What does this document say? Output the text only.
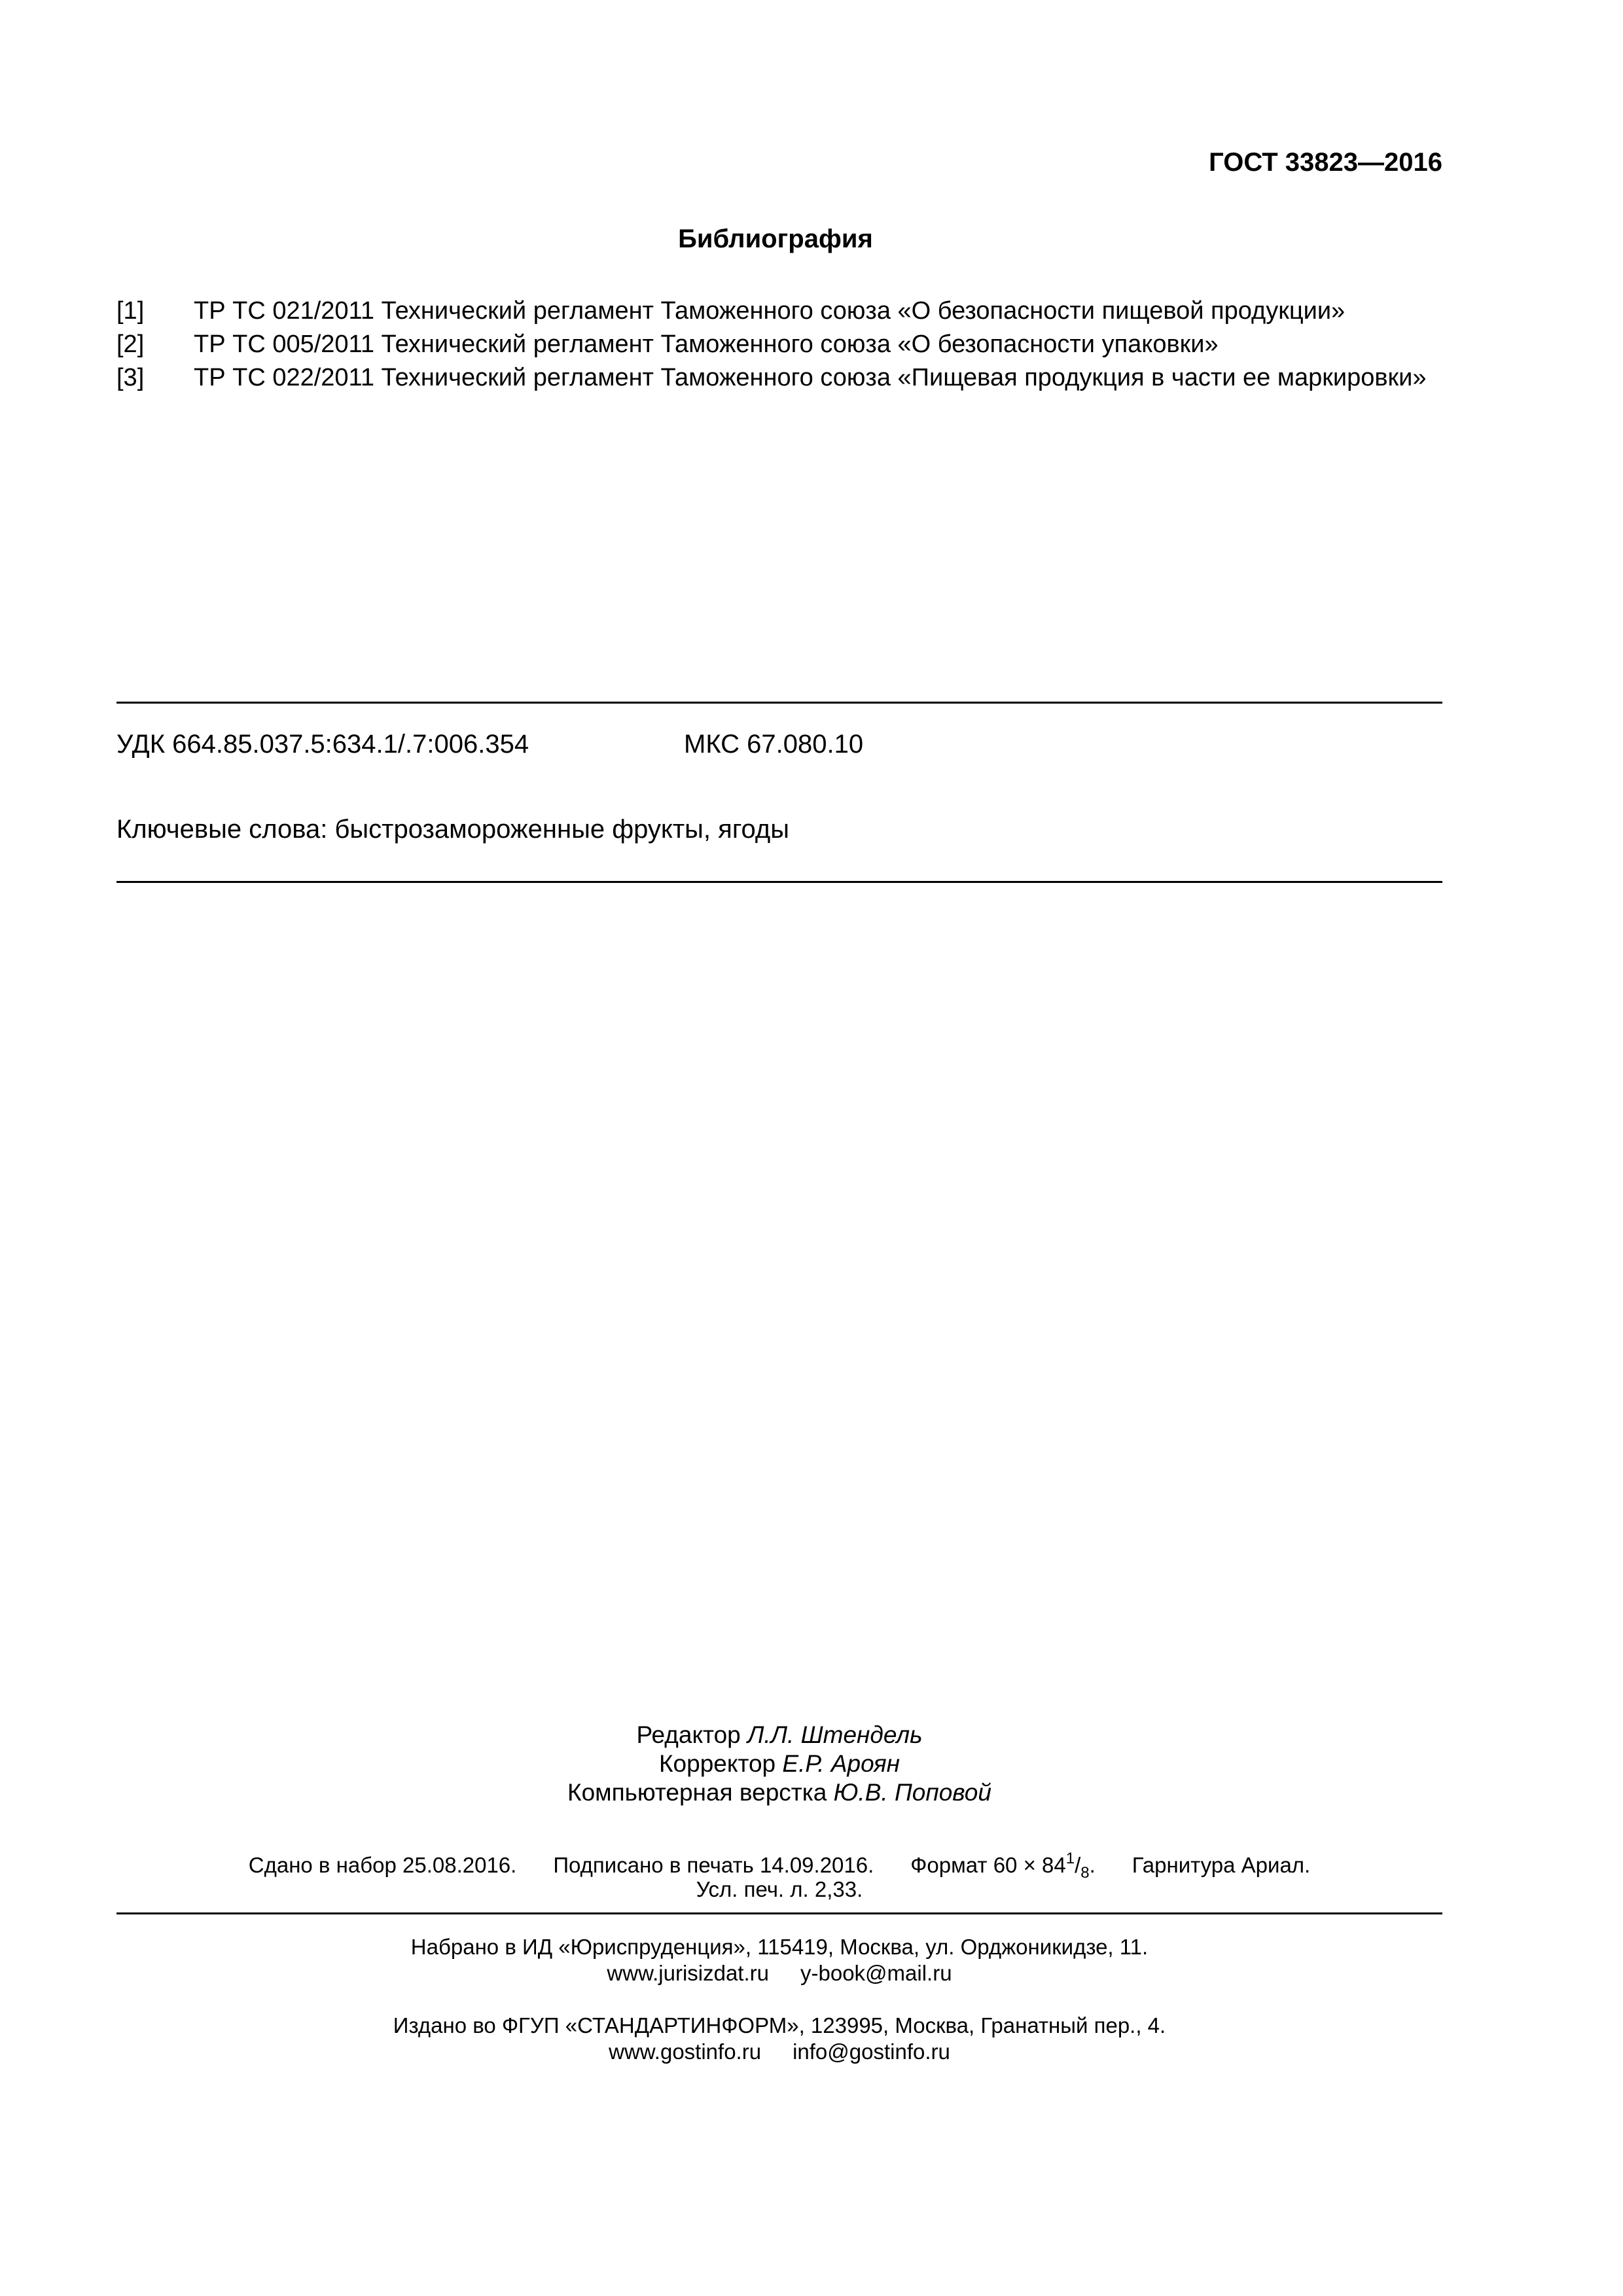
ГОСТ 33823—2016
Библиография
[1] ТР ТС 021/2011 Технический регламент Таможенного союза «О безопасности пищевой продукции»
[2] ТР ТС 005/2011 Технический регламент Таможенного союза «О безопасности упаковки»
[3] ТР ТС 022/2011 Технический регламент Таможенного союза «Пищевая продукция в части ее маркировки»
УДК 664.85.037.5:634.1/.7:006.354	МКС 67.080.10
Ключевые слова: быстрозамороженные фрукты, ягоды
Редактор Л.Л. Штендель
Корректор Е.Р. Ароян
Компьютерная верстка Ю.В. Поповой
Сдано в набор 25.08.2016. Подписано в печать 14.09.2016. Формат $60 \times 84^1/_8$. Гарнитура Ариал.
Усл. печ. л. 2,33.
Набрано в ИД «Юриспруденция», 115419, Москва, ул. Орджоникидзе, 11.
www.jurisizdat.ru y-book@mail.ru
Издано во ФГУП «СТАНДАРТИНФОРМ», 123995, Москва, Гранатный пер., 4.
www.gostinfo.ru info@gostinfo.ru
